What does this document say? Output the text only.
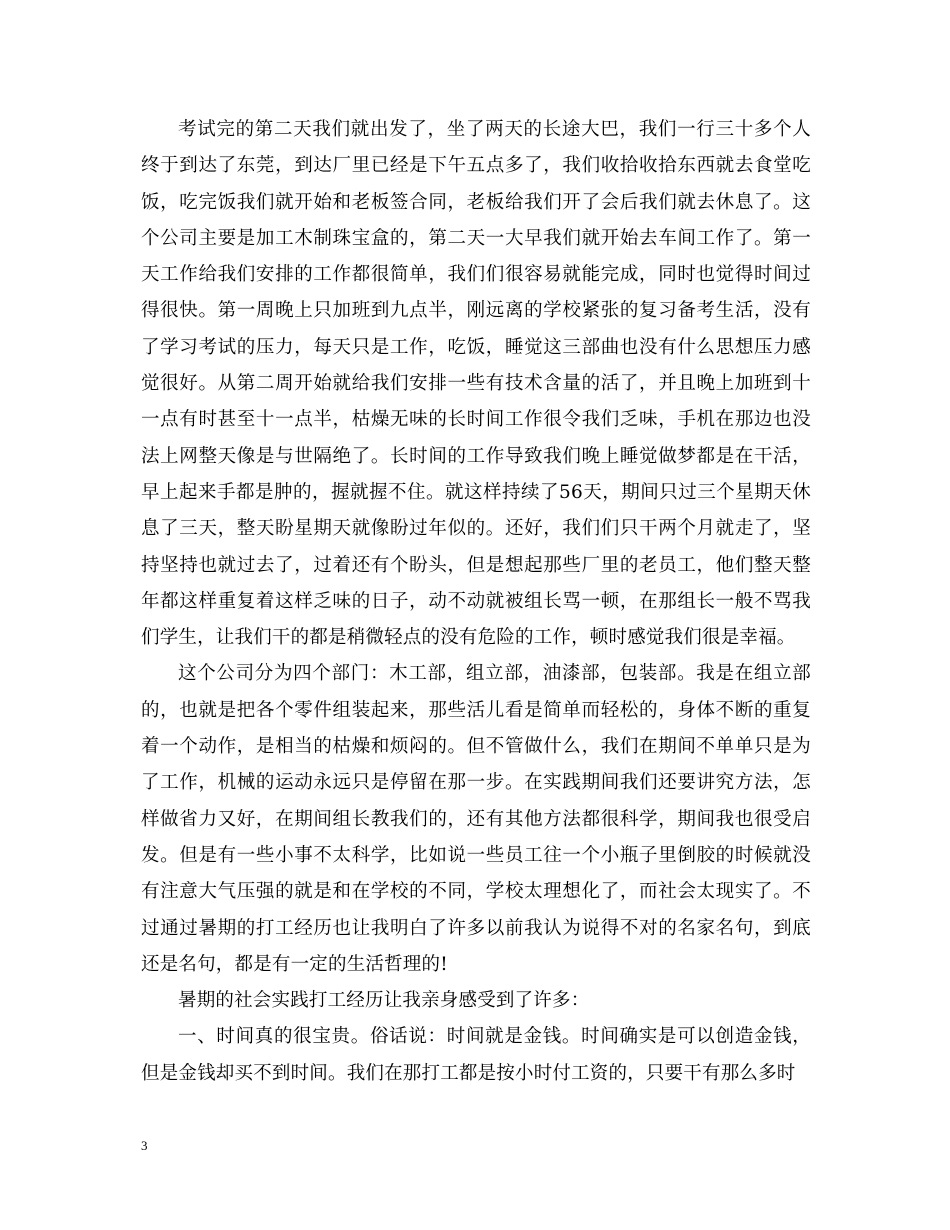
考试完的第二天我们就出发了，坐了两天的长途大巴，我们一行三十多个人终于到达了东莞，到达厂里已经是下午五点多了，我们收拾收拾东西就去食堂吃饭，吃完饭我们就开始和老板签合同，老板给我们开了会后我们就去休息了。这个公司主要是加工木制珠宝盒的，第二天一大早我们就开始去车间工作了。第一天工作给我们安排的工作都很简单，我们们很容易就能完成，同时也觉得时间过得很快。第一周晚上只加班到九点半，刚远离的学校紧张的复习备考生活，没有了学习考试的压力，每天只是工作，吃饭，睡觉这三部曲也没有什么思想压力感觉很好。从第二周开始就给我们安排一些有技术含量的活了，并且晚上加班到十一点有时甚至十一点半，枯燥无味的长时间工作很令我们乏味，手机在那边也没法上网整天像是与世隔绝了。长时间的工作导致我们晚上睡觉做梦都是在干活，早上起来手都是肿的，握就握不住。就这样持续了56天，期间只过三个星期天休息了三天，整天盼星期天就像盼过年似的。还好，我们们只干两个月就走了，坚持坚持也就过去了，过着还有个盼头，但是想起那些厂里的老员工，他们整天整年都这样重复着这样乏味的日子，动不动就被组长骂一顿，在那组长一般不骂我们学生，让我们干的都是稍微轻点的没有危险的工作，顿时感觉我们很是幸福。

这个公司分为四个部门：木工部，组立部，油漆部，包装部。我是在组立部的，也就是把各个零件组装起来，那些活儿看是简单而轻松的，身体不断的重复着一个动作，是相当的枯燥和烦闷的。但不管做什么，我们在期间不单单只是为了工作，机械的运动永远只是停留在那一步。在实践期间我们还要讲究方法，怎样做省力又好，在期间组长教我们的，还有其他方法都很科学，期间我也很受启发。但是有一些小事不太科学，比如说一些员工往一个小瓶子里倒胶的时候就没有注意大气压强的就是和在学校的不同，学校太理想化了，而社会太现实了。不过通过暑期的打工经历也让我明白了许多以前我认为说得不对的名家名句，到底还是名句，都是有一定的生活哲理的!

暑期的社会实践打工经历让我亲身感受到了许多：

一、时间真的很宝贵。俗话说：时间就是金钱。时间确实是可以创造金钱，但是金钱却买不到时间。我们在那打工都是按小时付工资的，只要干有那么多时

3
